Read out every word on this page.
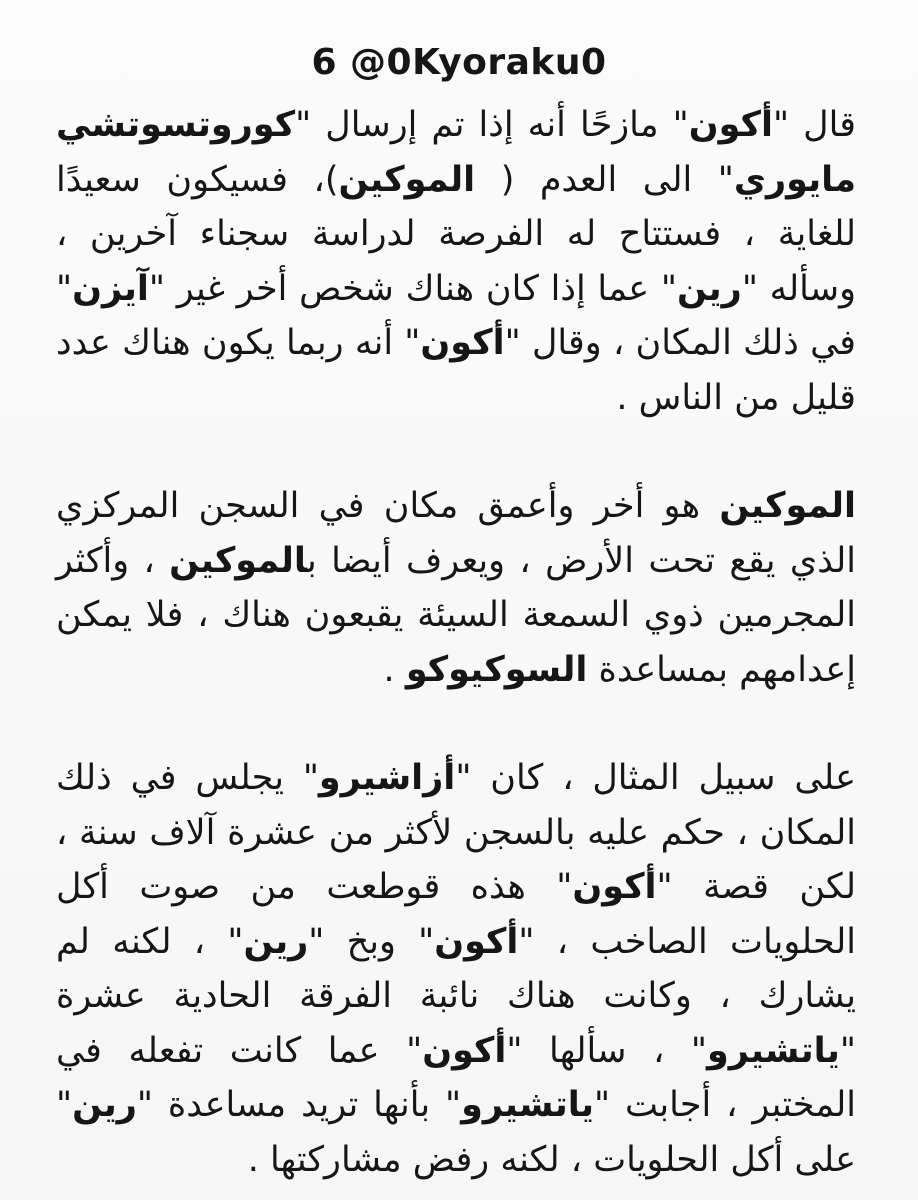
6 @0Kyoraku0

قال "أكون" مازحًا أنه إذا تم إرسال "كوروتسوتشي مايوري" الى العدم ( الموكين)، فسيكون سعيدًا للغاية ، فستتاح له الفرصة لدراسة سجناء آخرين ، وسأله "رين" عما إذا كان هناك شخص أخر غير "آيزن" في ذلك المكان ، وقال "أكون" أنه ربما يكون هناك عدد قليل من الناس .

الموكين هو أخر وأعمق مكان في السجن المركزي الذي يقع تحت الأرض ، ويعرف أيضا بالموكين ، وأكثر المجرمين ذوي السمعة السيئة يقبعون هناك ، فلا يمكن إعدامهم بمساعدة السوكيوكو .

على سبيل المثال ، كان "أزاشيرو" يجلس في ذلك المكان ، حكم عليه بالسجن لأكثر من عشرة آلاف سنة ، لكن قصة "أكون" هذه قوطعت من صوت أكل الحلويات الصاخب ، "أكون" وبخ "رين" ، لكنه لم يشارك ، وكانت هناك نائبة الفرقة الحادية عشرة "ياتشيرو" ، سألها "أكون" عما كانت تفعله في المختبر ، أجابت "ياتشيرو" بأنها تريد مساعدة "رين" على أكل الحلويات ، لكنه رفض مشاركتها .
